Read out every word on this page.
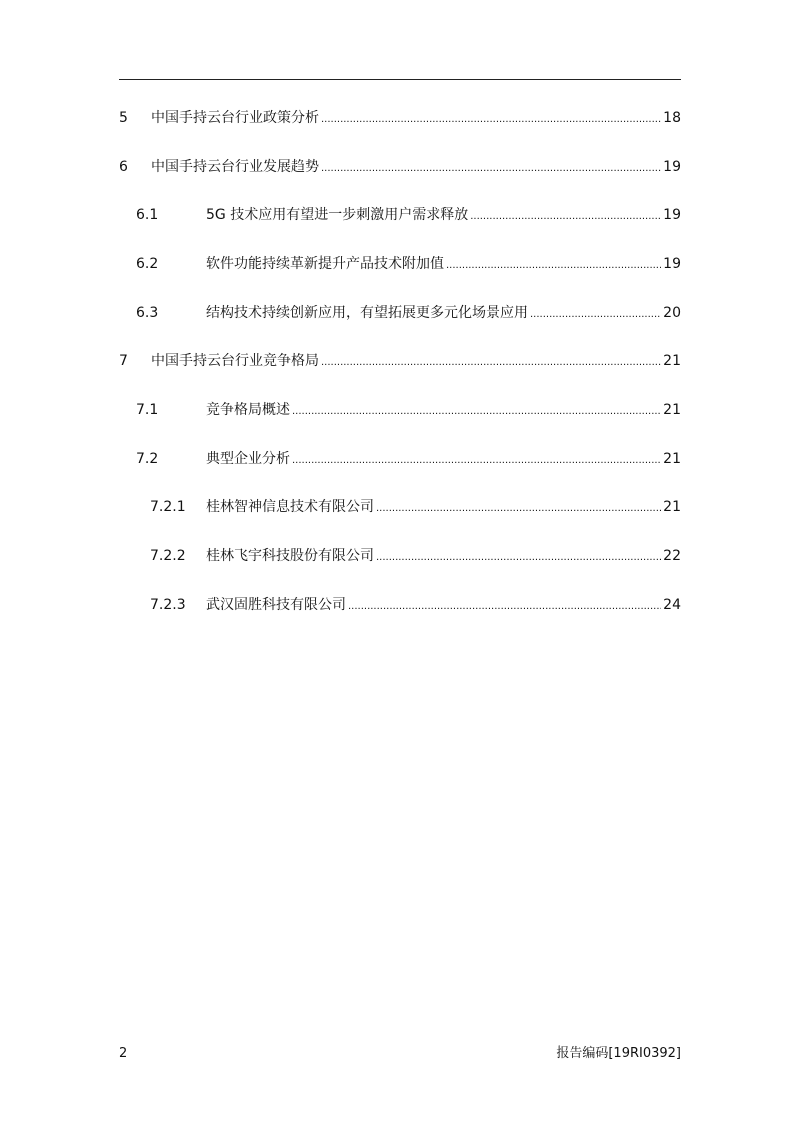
5	中国手持云台行业政策分析 .....	18
6	中国手持云台行业发展趋势 .....	19
6.1	5G 技术应用有望进一步刺激用户需求释放 .....	19
6.2	软件功能持续革新提升产品技术附加值 .....	19
6.3	结构技术持续创新应用，有望拓展更多元化场景应用 .....	20
7	中国手持云台行业竞争格局 .....	21
7.1	竞争格局概述 .....	21
7.2	典型企业分析 .....	21
7.2.1	桂林智神信息技术有限公司 .....	21
7.2.2	桂林飞宇科技股份有限公司 .....	22
7.2.3	武汉固胜科技有限公司 .....	24
2	报告编码[19RI0392]
